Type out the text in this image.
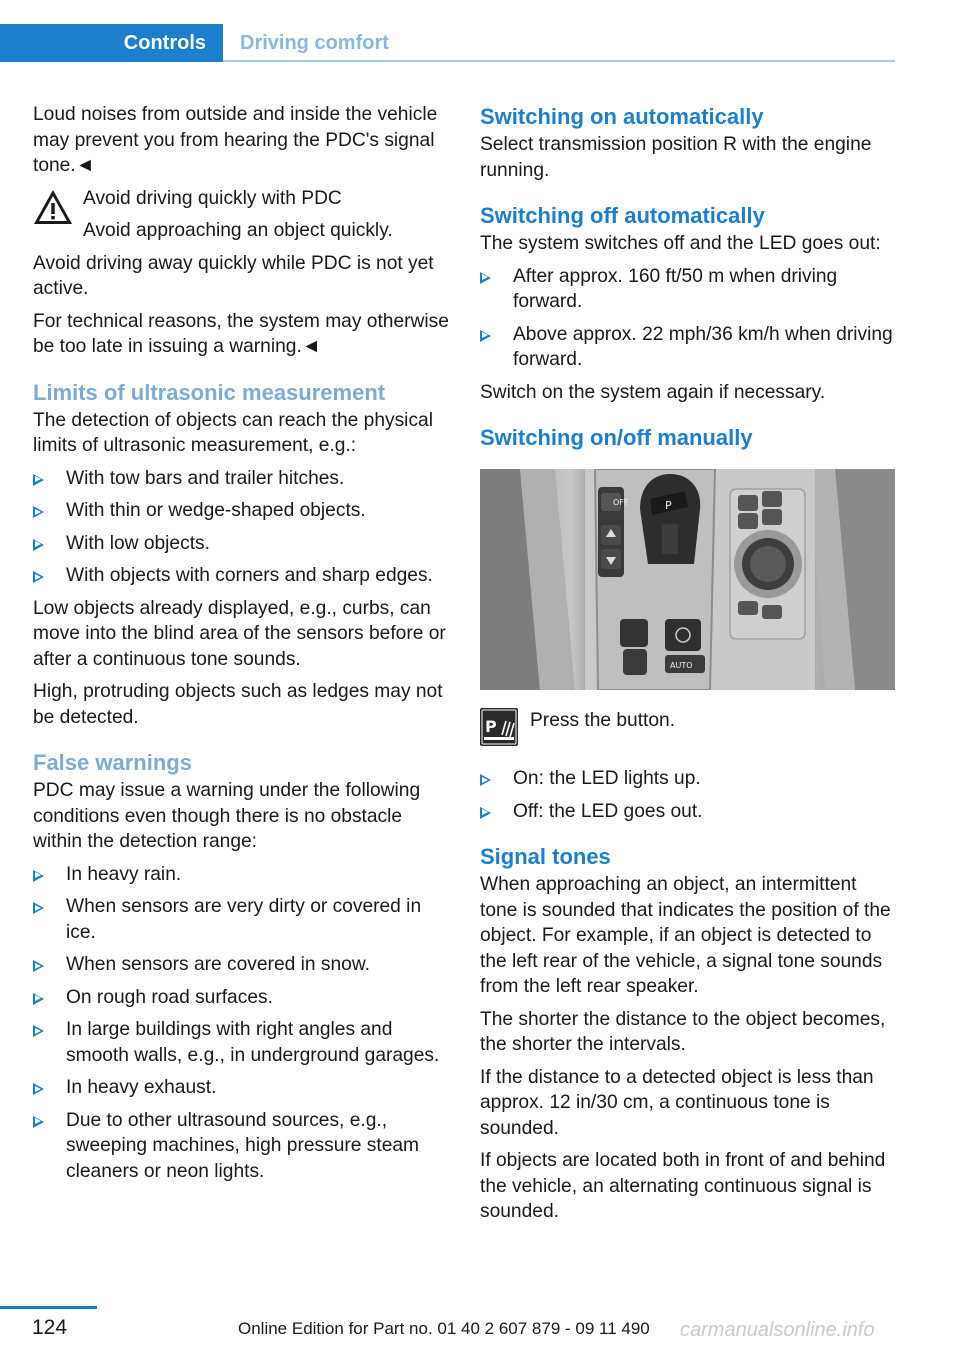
Controls	Driving comfort

Loud noises from outside and inside the vehicle may prevent you from hearing the PDC's signal tone.◄

Avoid driving quickly with PDC

Avoid approaching an object quickly.

Avoid driving away quickly while PDC is not yet active.

For technical reasons, the system may otherwise be too late in issuing a warning.◄

Limits of ultrasonic measurement

The detection of objects can reach the physical limits of ultrasonic measurement, e.g.:

With tow bars and trailer hitches.
With thin or wedge-shaped objects.
With low objects.
With objects with corners and sharp edges.

Low objects already displayed, e.g., curbs, can move into the blind area of the sensors before or after a continuous tone sounds.

High, protruding objects such as ledges may not be detected.

False warnings

PDC may issue a warning under the following conditions even though there is no obstacle within the detection range:

In heavy rain.
When sensors are very dirty or covered in ice.
When sensors are covered in snow.
On rough road surfaces.
In large buildings with right angles and smooth walls, e.g., in underground garages.
In heavy exhaust.
Due to other ultrasound sources, e.g., sweeping machines, high pressure steam cleaners or neon lights.
Switching on automatically

Select transmission position R with the engine running.

Switching off automatically

The system switches off and the LED goes out:

After approx. 160 ft/50 m when driving forward.
Above approx. 22 mph/36 km/h when driving forward.

Switch on the system again if necessary.

Switching on/off manually
OFF	P
AUTO
P Press the button.

On: the LED lights up.
Off: the LED goes out.
Signal tones

When approaching an object, an intermittent tone is sounded that indicates the position of the object. For example, if an object is detected to the left rear of the vehicle, a signal tone sounds from the left rear speaker.

The shorter the distance to the object becomes, the shorter the intervals.

If the distance to a detected object is less than approx. 12 in/30 cm, a continuous tone is sounded.

If objects are located both in front of and behind the vehicle, an alternating continuous signal is sounded.

124	Online Edition for Part no. 01 40 2 607 879 - 09 11 490 carmanualsonline.info
